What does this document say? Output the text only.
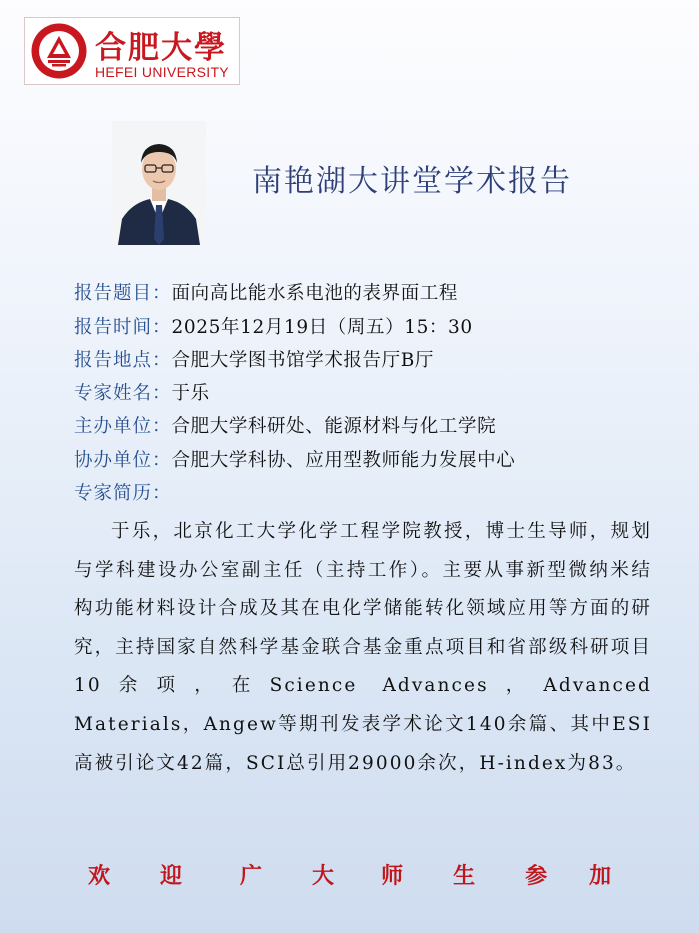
合肥大學
HEFEI UNIVERSITY
南艳湖大讲堂学术报告
报告题目：面向高比能水系电池的表界面工程
报告时间：2025年12月19日（周五）15：30
报告地点：合肥大学图书馆学术报告厅B厅
专家姓名：于乐
主办单位：合肥大学科研处、能源材料与化工学院
协办单位：合肥大学科协、应用型教师能力发展中心
专家简历：

于乐，北京化工大学化学工程学院教授，博士生导师，规划与学科建设办公室副主任（主持工作）。主要从事新型微纳米结构功能材料设计合成及其在电化学储能转化领域应用等方面的研究，主持国家自然科学基金联合基金重点项目和省部级科研项目10余项，在Science Advances，Advanced Materials，Angew等期刊发表学术论文140余篇、其中ESI高被引论文42篇，SCI总引用29000余次，H-index为83。

欢 迎	广 大 师 生 参 加
